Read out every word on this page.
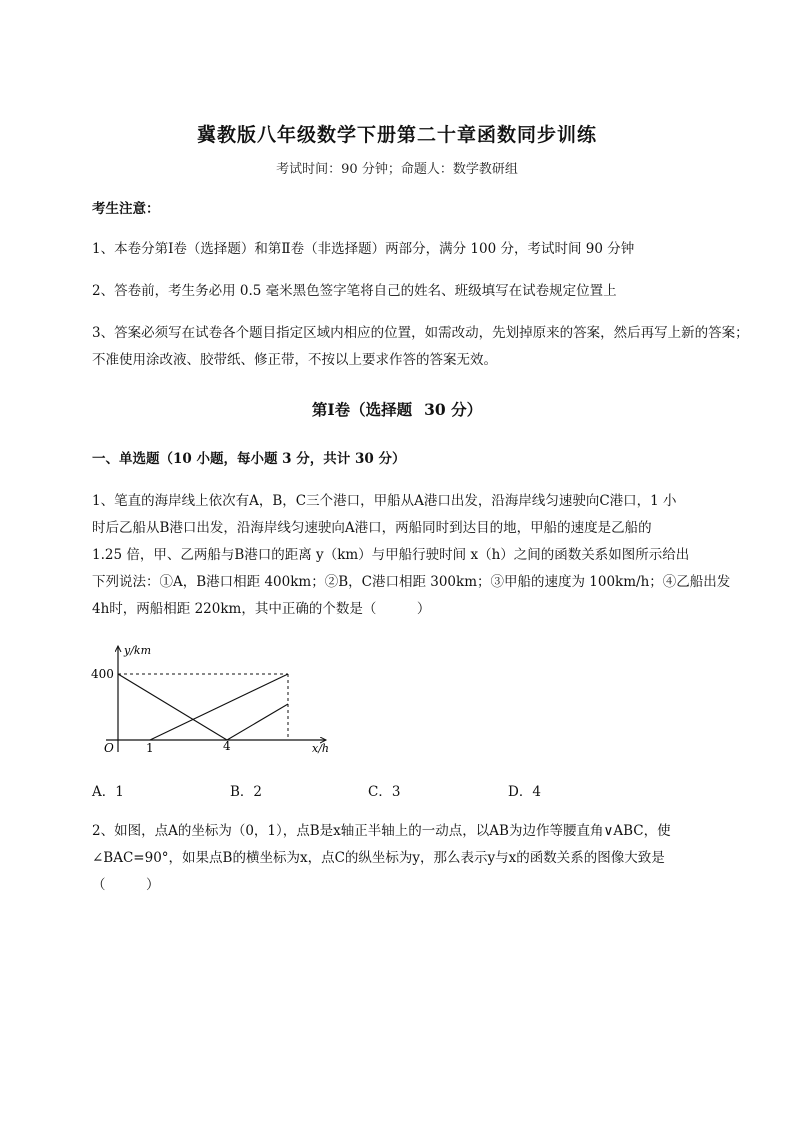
冀教版八年级数学下册第二十章函数同步训练
考试时间：90 分钟；命题人：数学教研组
考生注意：
1、本卷分第Ⅰ卷（选择题）和第Ⅱ卷（非选择题）两部分，满分 100 分，考试时间 90 分钟
2、答卷前，考生务必用 0.5 毫米黑色签字笔将自己的姓名、班级填写在试卷规定位置上
3、答案必须写在试卷各个题目指定区域内相应的位置，如需改动，先划掉原来的答案，然后再写上新的答案；不准使用涂改液、胶带纸、修正带，不按以上要求作答的答案无效。
第Ⅰ卷（选择题 30 分）
一、单选题（10 小题，每小题 3 分，共计 30 分）
1、笔直的海岸线上依次有A，B，C三个港口，甲船从A港口出发，沿海岸线匀速驶向C港口，1 小
时后乙船从B港口出发，沿海岸线匀速驶向A港口，两船同时到达目的地，甲船的速度是乙船的
1.25 倍，甲、乙两船与B港口的距离 y（km）与甲船行驶时间 x（h）之间的函数关系如图所示给出
下列说法：①A，B港口相距 400km；②B，C港口相距 300km；③甲船的速度为 100km/h；④乙船出发
4h时，两船相距 220km，其中正确的个数是（　　　）
y/km
x/h
O
400
1	4
A．1	B．2	C．3	D．4
2、如图，点A的坐标为（0，1），点B是x轴正半轴上的一动点，以AB为边作等腰直角∨ABC，使
∠BAC=90°，如果点B的横坐标为x，点C的纵坐标为y，那么表示y与x的函数关系的图像大致是
（　　　）
